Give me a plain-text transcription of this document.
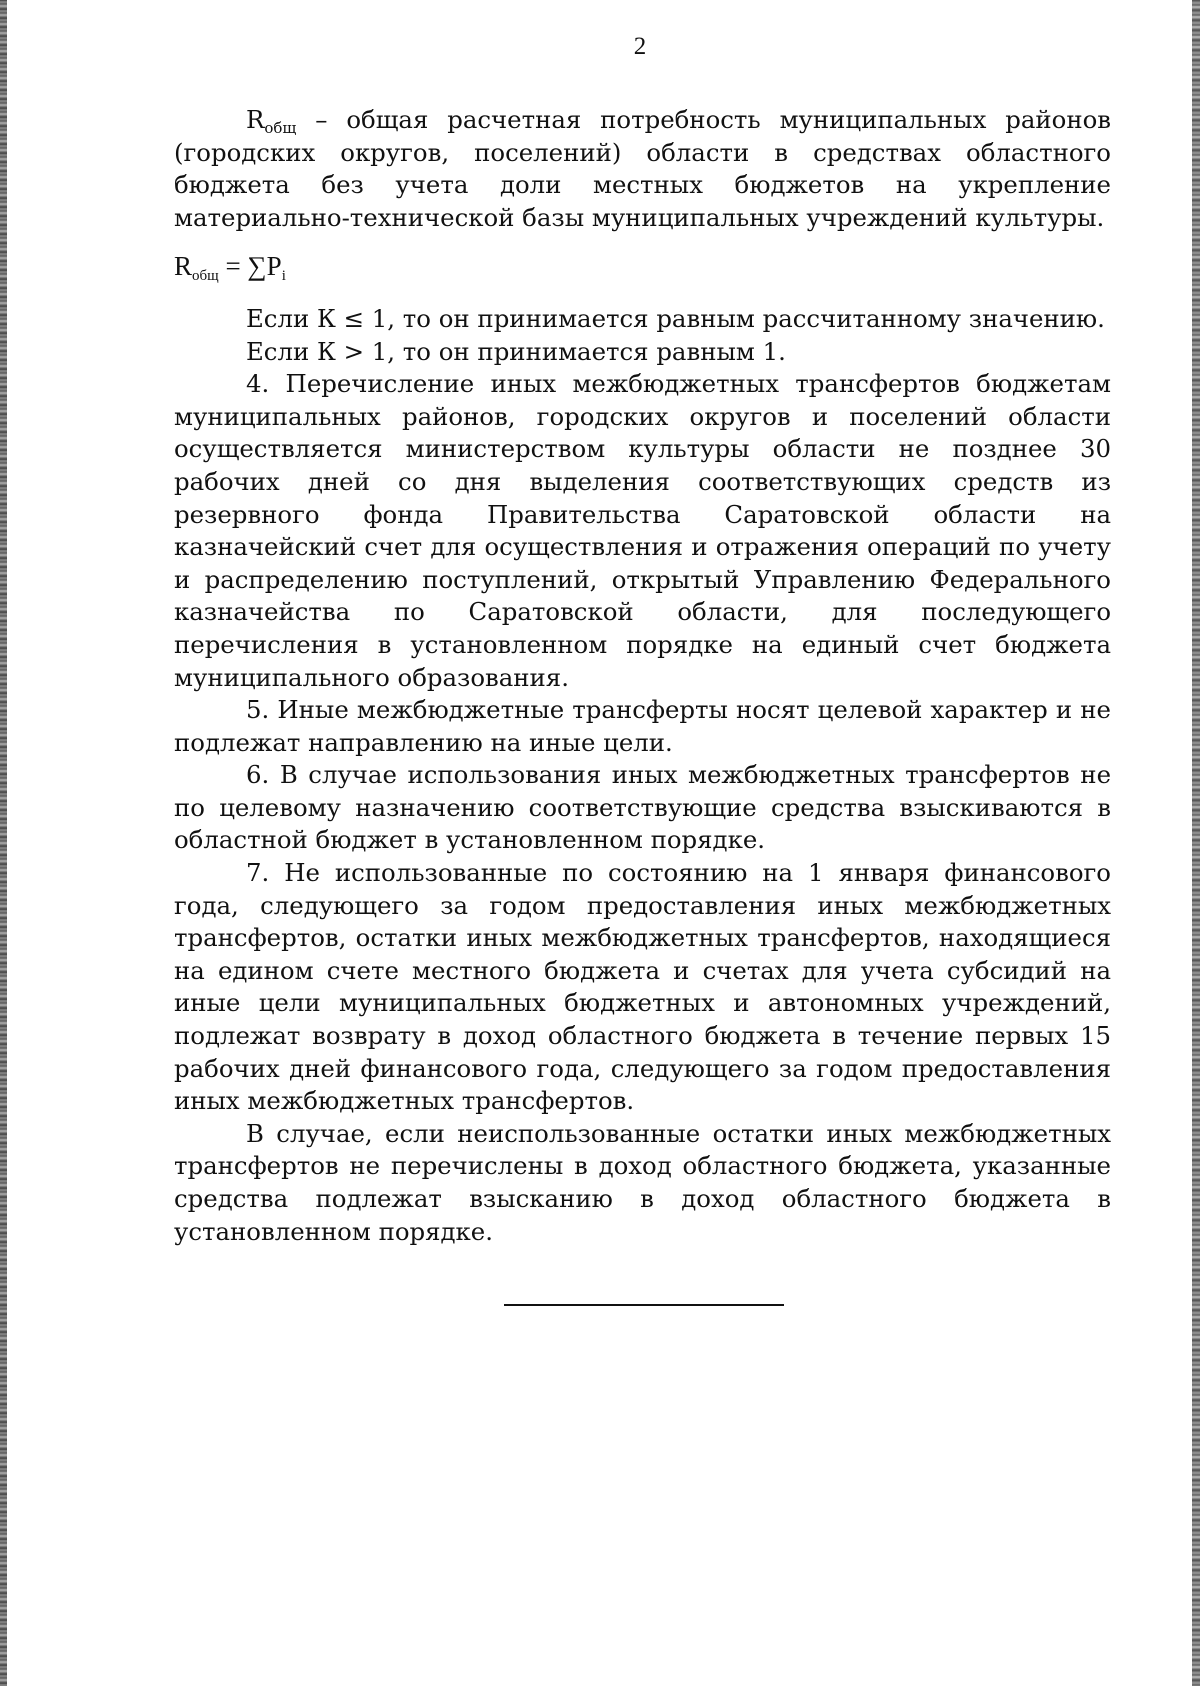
2

$R_{общ}$ – общая расчетная потребность муниципальных районов (городских округов, поселений) области в средствах областного бюджета без учета доли местных бюджетов на укрепление материально-технической базы муниципальных учреждений культуры.

$R_{общ} = \sum P_i$

Если К ≤ 1, то он принимается равным рассчитанному значению.

Если К > 1, то он принимается равным 1.

4. Перечисление иных межбюджетных трансфертов бюджетам муниципальных районов, городских округов и поселений области осуществляется министерством культуры области не позднее 30 рабочих дней со дня выделения соответствующих средств из резервного фонда Правительства Саратовской области на казначейский счет для осуществления и отражения операций по учету и распределению поступлений, открытый Управлению Федерального казначейства по Саратовской области, для последующего перечисления в установленном порядке на единый счет бюджета муниципального образования.

5. Иные межбюджетные трансферты носят целевой характер и не подлежат направлению на иные цели.

6. В случае использования иных межбюджетных трансфертов не по целевому назначению соответствующие средства взыскиваются в областной бюджет в установленном порядке.

7. Не использованные по состоянию на 1 января финансового года, следующего за годом предоставления иных межбюджетных трансфертов, остатки иных межбюджетных трансфертов, находящиеся на едином счете местного бюджета и счетах для учета субсидий на иные цели муниципальных бюджетных и автономных учреждений, подлежат возврату в доход областного бюджета в течение первых 15 рабочих дней финансового года, следующего за годом предоставления иных межбюджетных трансфертов.

В случае, если неиспользованные остатки иных межбюджетных трансфертов не перечислены в доход областного бюджета, указанные средства подлежат взысканию в доход областного бюджета в установленном порядке.
